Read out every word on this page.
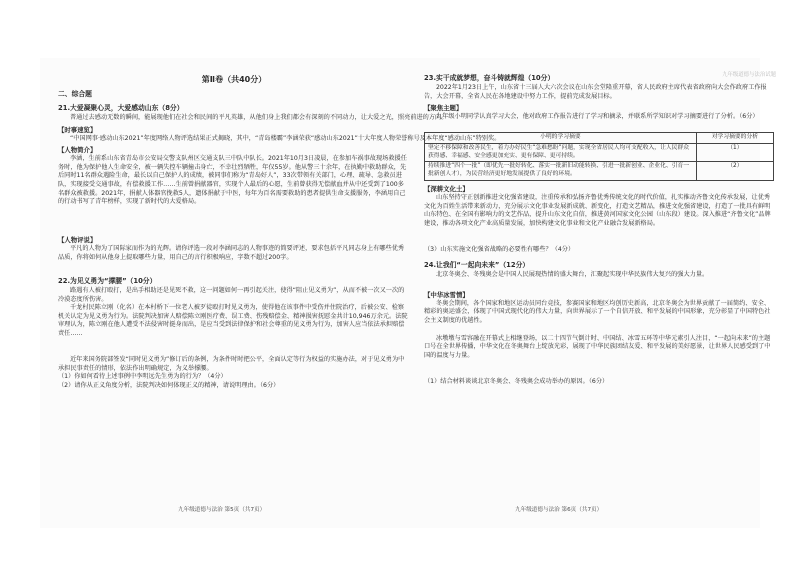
第Ⅱ卷（共40分）
二、综合题
21.大爱凝聚心灵，大爱感动山东（8分）

普通过去感动无数的瞬间，能展现他们在社会和民间的平凡英雄，从他们身上我们都会有深刻的不同动力，让大爱之光，照亮前进的方向。

【时事速览】

“中国网事·感动山东2021”年度网络人物评选结果正式揭晓，其中，“青岛楼霸”李涵荣获“感动山东2021”十大年度人物荣誉称号及本年度“感动山东”特别奖。

【人物简介】

李涵，生前系山东省青岛市公安局交警支队州区交通支队三中队中队长。2021年10月3日凌晨，在参加车祸事故现场救援任务时，他为保护他人生命安全，被一辆失控车辆撞击身亡，不幸壮烈牺牲，年仅55岁。他从警三十余年，在执勤中救助群众，先后同时11名群众遇险生命，最长以自己保护人的成绩，被同事们称为“青岛好人”，33次带领有关部门，心理、疏导、急救员进队，实现接受交通事故，有偿救援工作……生前曾捐献器官，实现个人最后的心愿，生前曾获得无偿献血并从中还受到了100多名群众被救援。2021年，捐献人体器官挽救5人，遗体捐献于中医，每年为百名需要救助的患者提供生命支援服务，李涵用自己的行动书写了青年榜样，实现了新时代的大爱格局。

【人物评说】

平凡的人物为了国际家而作为的光辉。请你评选一段对李涵同志的人物事迹的简要评述，要求包括平凡同志身上有哪些优秀品质，你将如何从他身上提取哪些力量，用自己的言行积极响应，字数不超过200字。

22.为见义勇为“撑腰”（10分）

路遇有人被打殴打，是出手相助还是见死不救，这一问题如何一再引起关注，使得“阻止见义勇为”，从而不被一次又一次的冷漠态度所伤害。

千龙村民陈立刚（化名）在本村桥下一位老人被歹徒殴打时见义勇为，使得他在该事件中受伤并住院治疗，后被公安、检察机关认定为见义勇为行为。法院判决加害人赔偿陈立刚医疗费、误工费、伤残赔偿金、精神损害抚慰金共计10,946万余元。法院审理认为，陈立刚在他人遭受不法侵害时挺身而出，是应当受到法律保护和社会尊重的见义勇为行为，加害人应当依法承担赔偿责任……

近年来国务院部签发“同时见义勇为”修订后的条例，为条件时时把公平，全面认定等行为权益的实施办法，对于见义勇为中承担民事责任的情形，依法作出明确规定，为义举撑腰。

（1）你如何看待上述事例中李明远先生勇为的行为？（4分）

（2）请你从正义角度分析，法院判决如何体现正义的精神，请说明理由。（6分）

九年级道德与法治 第5页（共7页）
九年级道德与法治试题
23.实干成就梦想，奋斗铸就辉煌（10分）

2022年1月23日上午，山东省十三届人大六次会议在山东会堂隆重开幕，省人民政府主席代表省政府向大会作政府工作报告，大会开幕，全省人民在各地建设中努力工作，提前完成发展目标。

【聚焦主题】

九年级小明同学认真学习大会，他对政府工作报告进行了学习和摘录，并联系所学知识对学习摘要进行了分析。（6分）

小明的学习摘要	对学习摘要的分析
坚定不移保障和改善民生，着力办好民生“急难愁盼”问题，实现全省居民人均可支配收入，让人民群众获得感、幸福感、安全感更加充实、更有保障、更可持续。	（1）
持续推进“四个一批”（即优先一批好转化、落实一批新旧动能转换、引进一批新创业、企业化、引育一批新创人才），为民营经济更好地发展提供了良好的环境。	（2）
【深耕文化土】

山东坚持守正创新推进文化强省建设，注重传承和弘扬齐鲁优秀传统文化的时代价值，扎实推动齐鲁文化传承发展，让优秀文化为百姓生活带来新动力，充分展示文化事业发展新成就、新变化，打造文艺精品，推进文化强省建设，打造了一批具有鲜明山东特色、在全国有影响力的文艺作品，提升山东文化自信，推进黄河国家文化公园（山东段）建设。深入推进“齐鲁文化”品牌建设，推动各项文化产业高质量发展，加快构建文化事业和文化产业融合发展新格局。

（3）山东实施文化强省战略的必要性有哪些？（4分）

24.让我们“一起向未来”（12分）

北京冬奥会、冬残奥会是中国人民展现热情的盛大舞台，汇聚起实现中华民族伟大复兴的强大力量。

【中华冰雪情】

冬奥会期间，各个国家和地区运动员同台竞技，参赛国家和地区均创历史新高，北京冬奥会为世界贡献了一届简约、安全、精彩的奥运盛会，体现了中国式现代化的伟大力量，向世界展示了一个自信开放、和平发展的中国形象，充分彰显了中国特色社会主义制度的优越性。

冰墩墩与雪容融在开幕式上相继登场，以二十四节气倒计时、中国结、冰雪五环等中华元素引人注目，“一起向未来”的主题口号在全世界传播，中华文化在冬奥舞台上绽放光彩，展现了中华民族团结友爱、和平发展的美好愿景，让世界人民感受到了中国的温度与力量。

（1）结合材料谈谈北京冬奥会、冬残奥会成功举办的原因。（6分）

九年级道德与法治 第6页（共7页）
